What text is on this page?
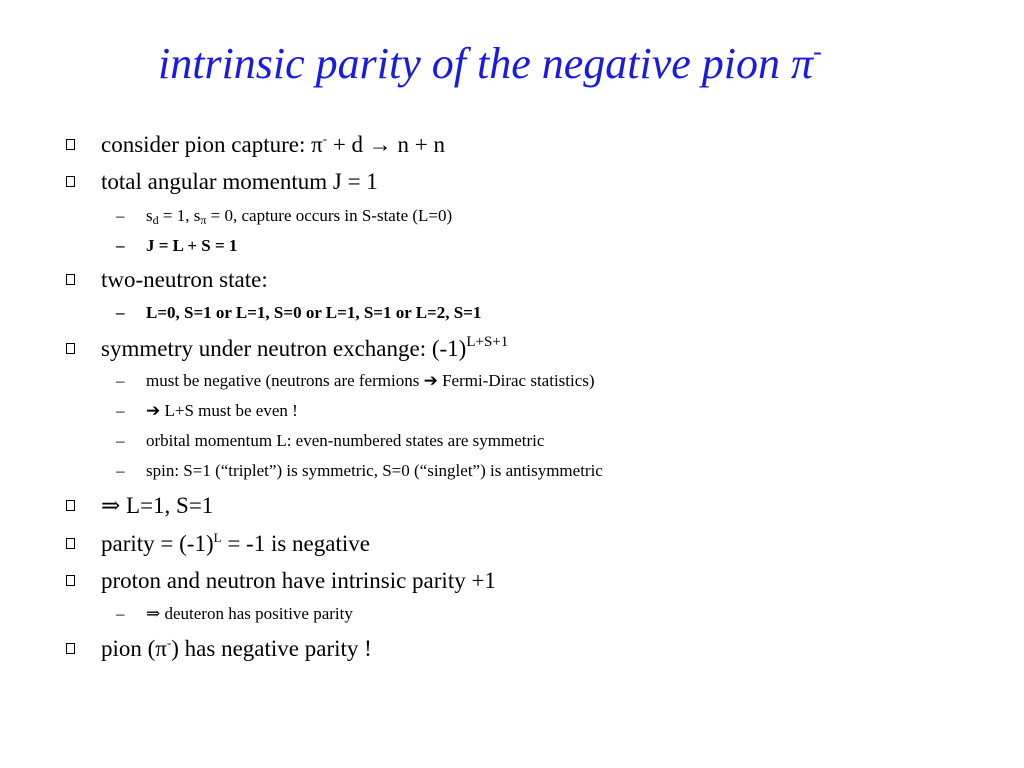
intrinsic parity of the negative pion π-
consider pion capture: π- + d → n + n
total angular momentum J = 1
– $s_d = 1$, $s_\pi = 0$, capture occurs in S-state (L=0)
– J = L + S = 1
two-neutron state:
– L=0, S=1 or L=1, S=0 or L=1, S=1 or L=2, S=1
symmetry under neutron exchange: $(-1)^{L+S+1}$
– must be negative (neutrons are fermions ➔ Fermi-Dirac statistics)
– ➔ L+S must be even !
– orbital momentum L: even-numbered states are symmetric
– spin: S=1 (“triplet”) is symmetric, S=0 (“singlet”) is antisymmetric
⇒ L=1, S=1
parity = $(-1)^L = -1$ is negative
proton and neutron have intrinsic parity +1
– ⇒ deuteron has positive parity
pion (π-) has negative parity !
